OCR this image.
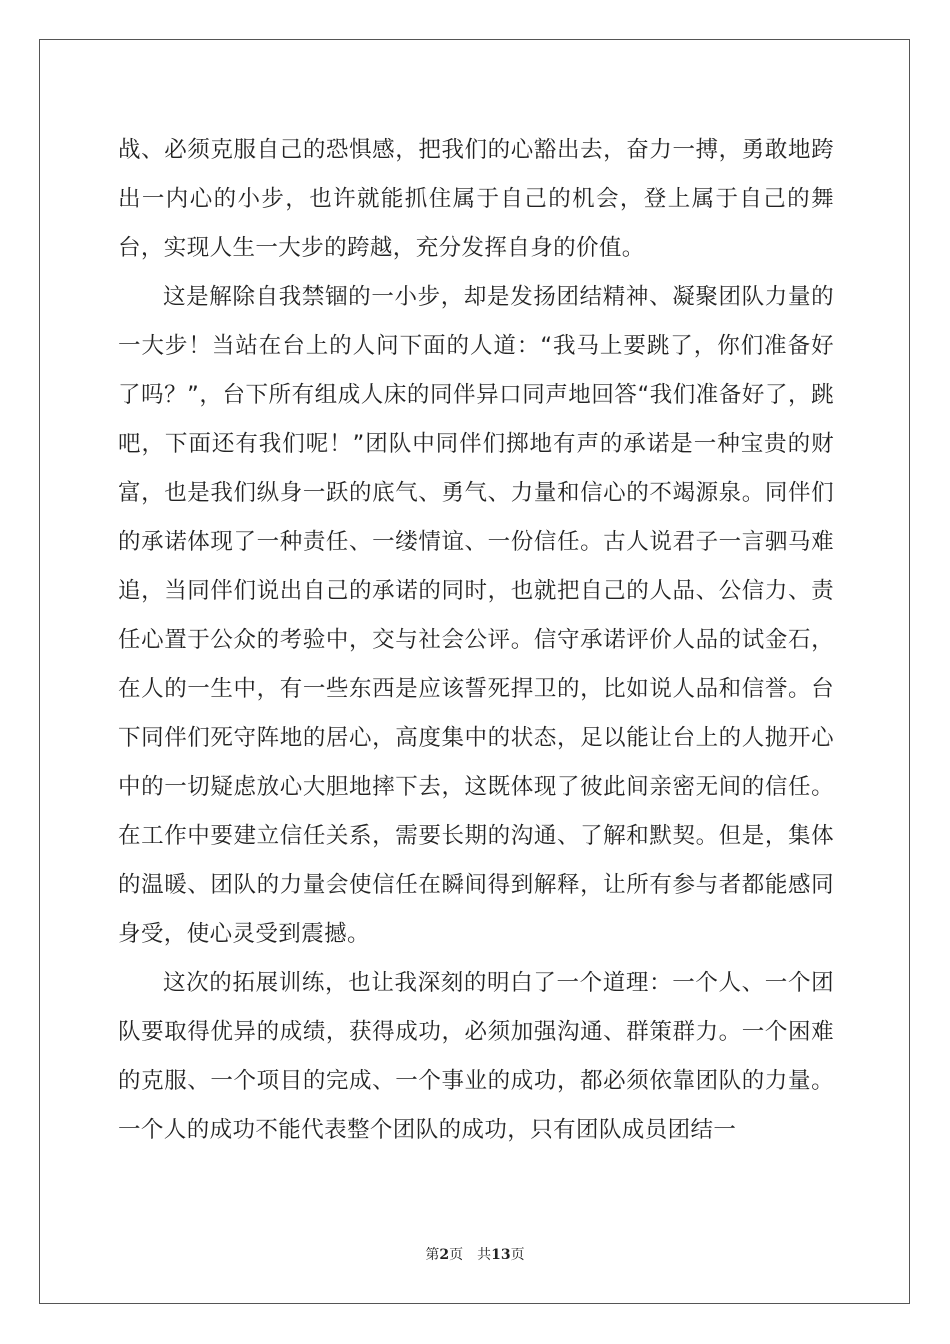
战、必须克服自己的恐惧感，把我们的心豁出去，奋力一搏，勇敢地跨出一内心的小步，也许就能抓住属于自己的机会，登上属于自己的舞台，实现人生一大步的跨越，充分发挥自身的价值。

这是解除自我禁锢的一小步，却是发扬团结精神、凝聚团队力量的一大步！当站在台上的人问下面的人道：“我马上要跳了，你们准备好了吗？”，台下所有组成人床的同伴异口同声地回答“我们准备好了，跳吧，下面还有我们呢！”团队中同伴们掷地有声的承诺是一种宝贵的财富，也是我们纵身一跃的底气、勇气、力量和信心的不竭源泉。同伴们的承诺体现了一种责任、一缕情谊、一份信任。古人说君子一言驷马难追，当同伴们说出自己的承诺的同时，也就把自己的人品、公信力、责任心置于公众的考验中，交与社会公评。信守承诺评价人品的试金石，在人的一生中，有一些东西是应该誓死捍卫的，比如说人品和信誉。台下同伴们死守阵地的居心，高度集中的状态，足以能让台上的人抛开心中的一切疑虑放心大胆地摔下去，这既体现了彼此间亲密无间的信任。在工作中要建立信任关系，需要长期的沟通、了解和默契。但是，集体的温暖、团队的力量会使信任在瞬间得到解释，让所有参与者都能感同身受，使心灵受到震撼。

这次的拓展训练，也让我深刻的明白了一个道理：一个人、一个团队要取得优异的成绩，获得成功，必须加强沟通、群策群力。一个困难的克服、一个项目的完成、一个事业的成功，都必须依靠团队的力量。一个人的成功不能代表整个团队的成功，只有团队成员团结一

第2页 共13页
